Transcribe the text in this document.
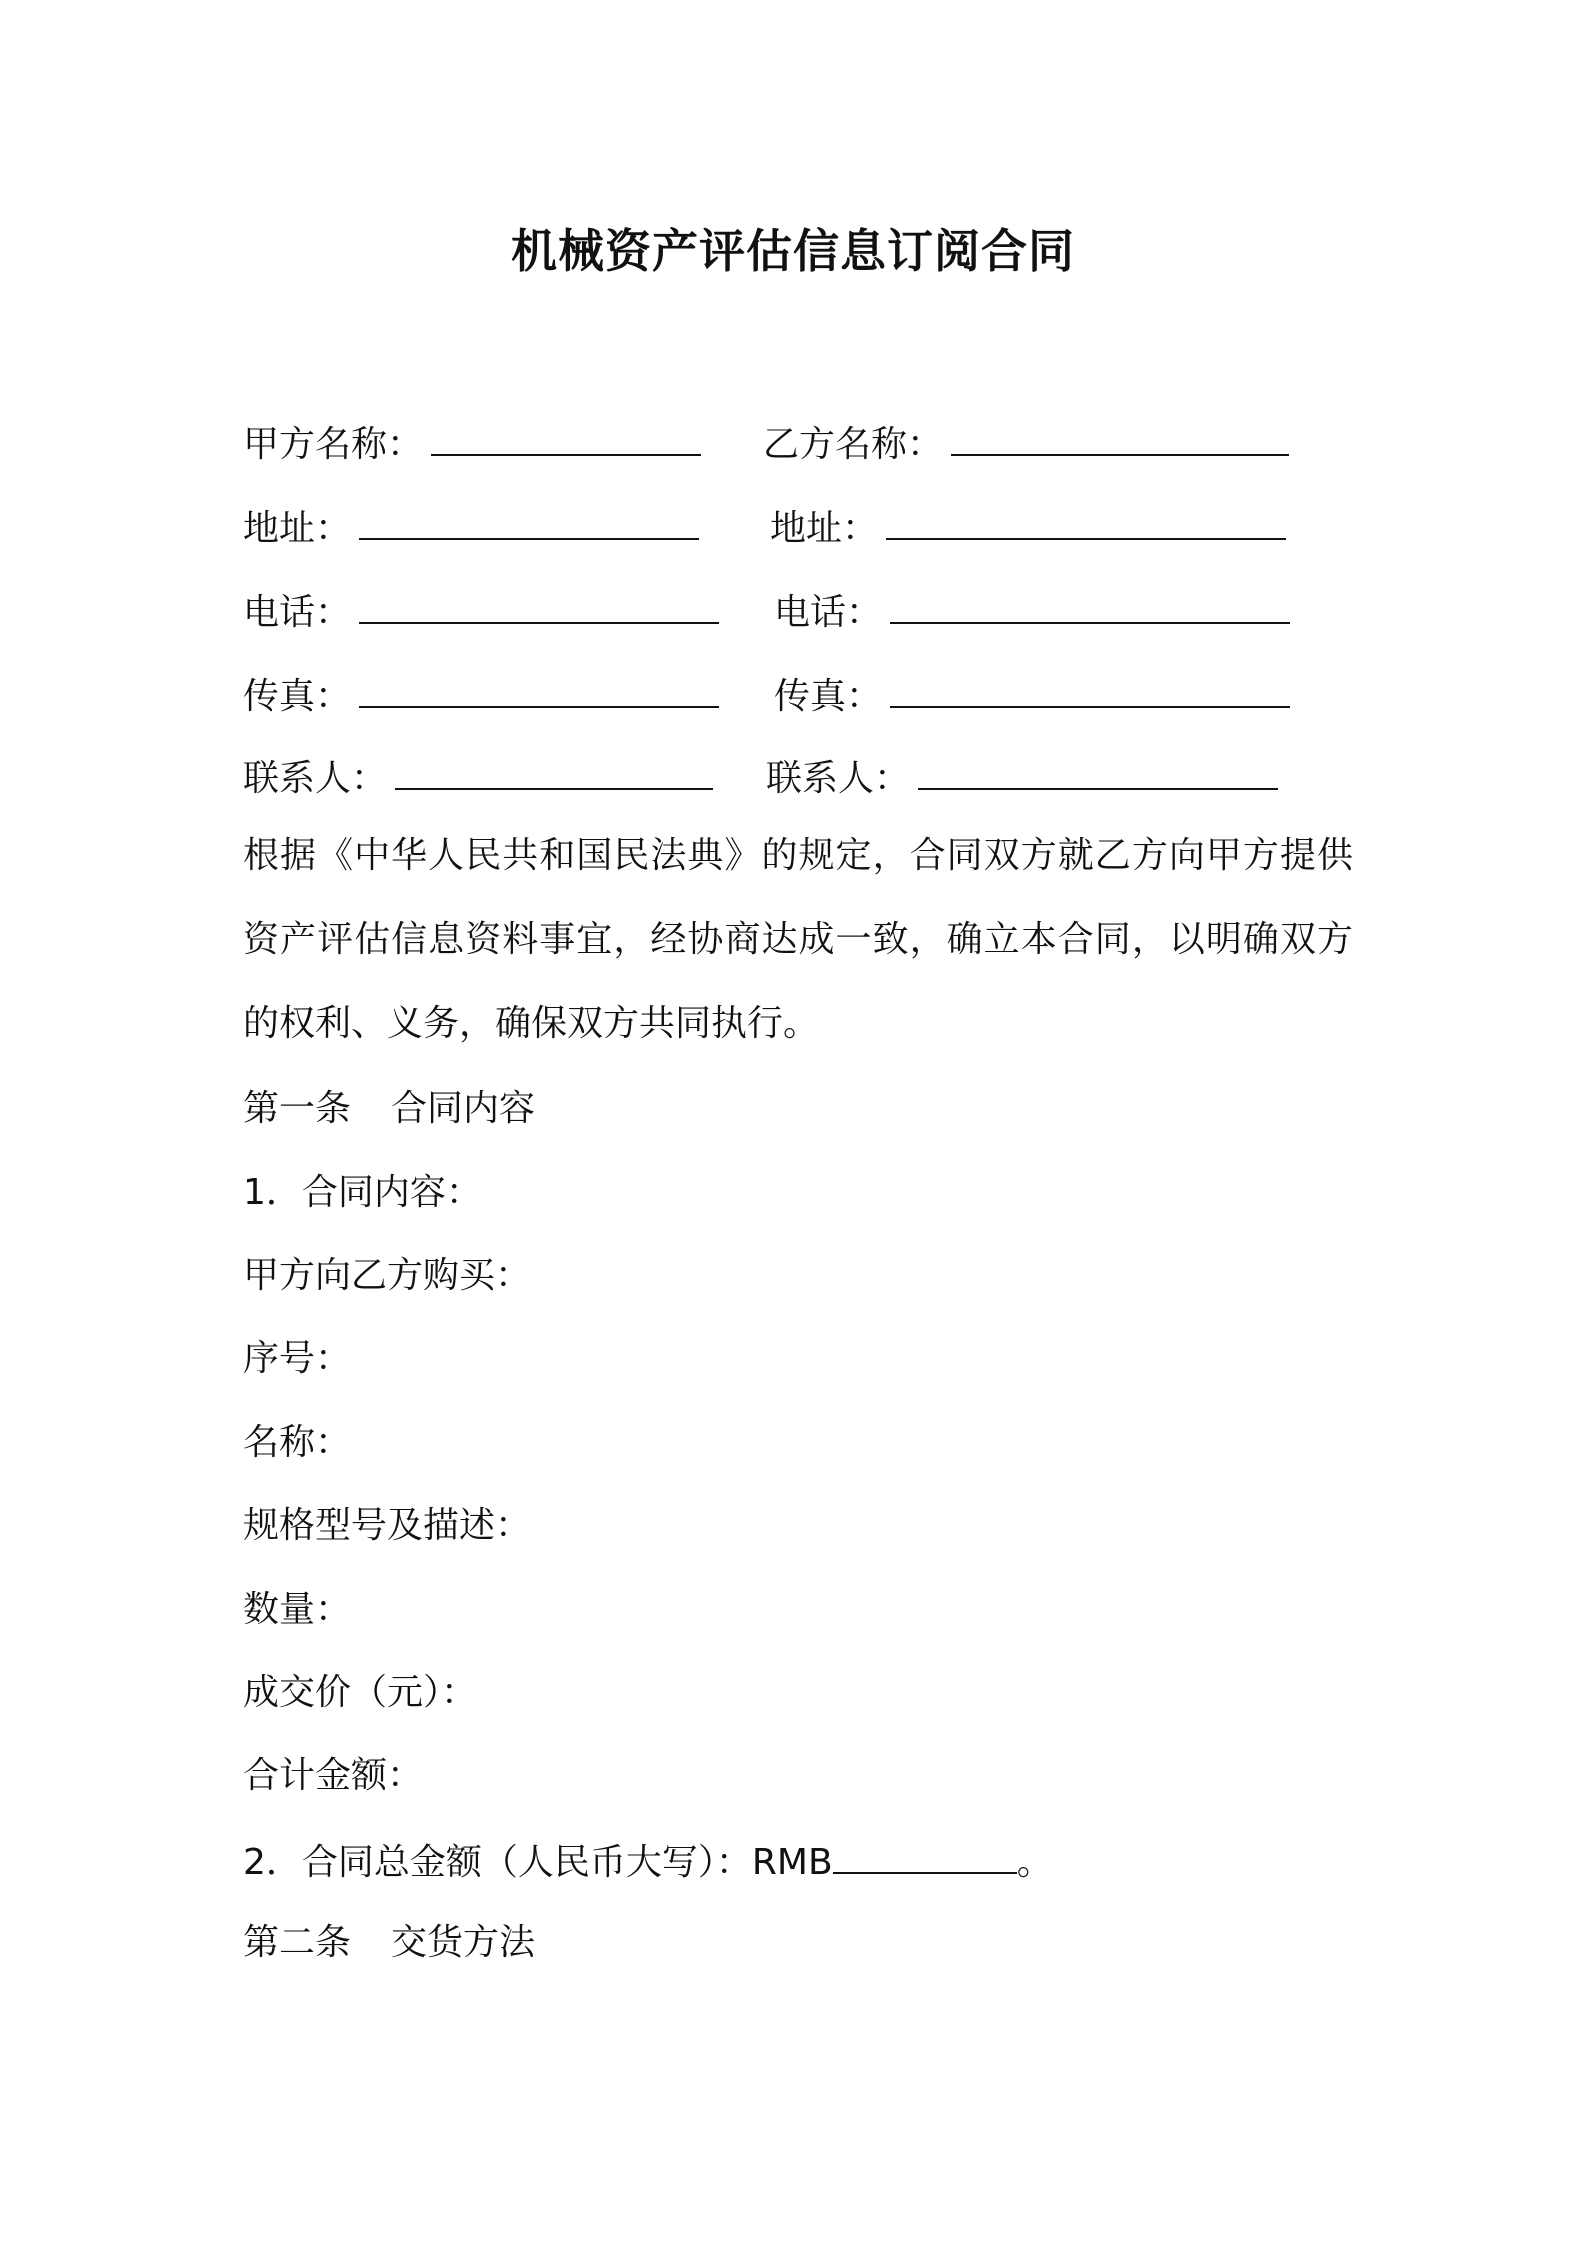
机械资产评估信息订阅合同
甲方名称：
地址：
电话：
传真：
联系人：
乙方名称：
地址：
电话：
传真：
联系人：
根据《中华人民共和国民法典》的规定，合同双方就乙方向甲方提供资产评估信息资料事宜，经协商达成一致，确立本合同，以明确双方的权利、义务，确保双方共同执行。
第一条 合同内容
1．合同内容：
甲方向乙方购买：
序号：
名称：
规格型号及描述：
数量：
成交价（元）：
合计金额：
2．合同总金额（人民币大写）：RMB	。
第二条 交货方法
